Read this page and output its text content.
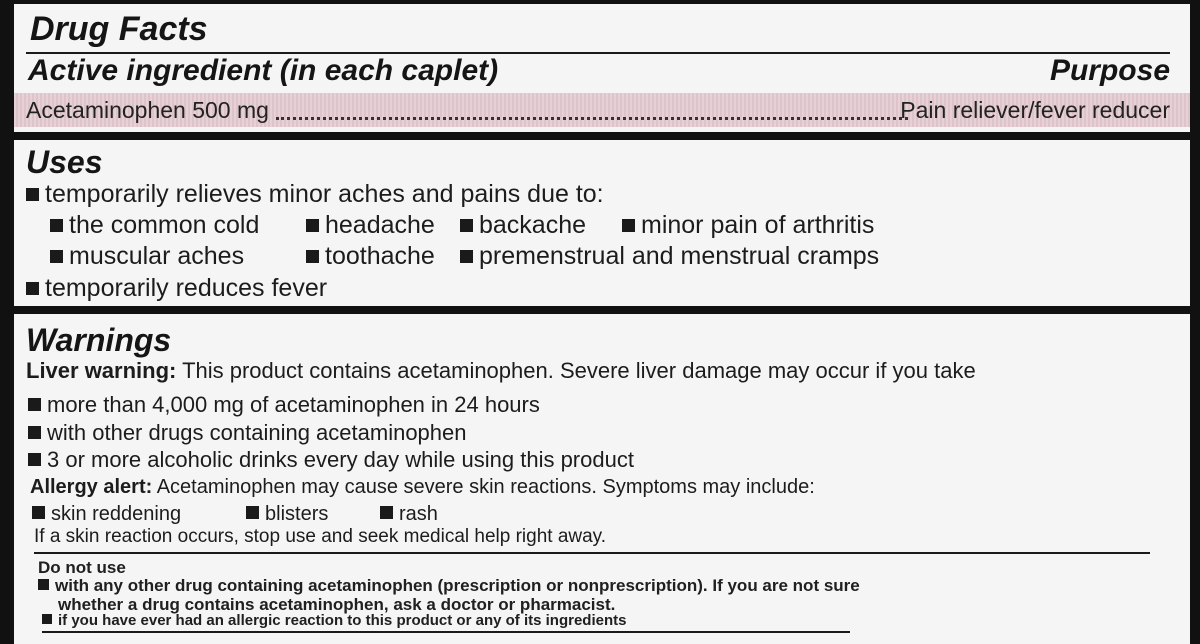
Drug Facts
Active ingredient (in each caplet)	Purpose
Acetaminophen 500 mg	Pain reliever/fever reducer
Uses
temporarily relieves minor aches and pains due to:
the common cold	headache	backache	minor pain of arthritis
muscular aches	toothache	premenstrual and menstrual cramps
temporarily reduces fever
Warnings
Liver warning: This product contains acetaminophen. Severe liver damage may occur if you take
more than 4,000 mg of acetaminophen in 24 hours
with other drugs containing acetaminophen
3 or more alcoholic drinks every day while using this product
Allergy alert: Acetaminophen may cause severe skin reactions. Symptoms may include:
skin reddening	blisters	rash
If a skin reaction occurs, stop use and seek medical help right away.
Do not use
with any other drug containing acetaminophen (prescription or nonprescription). If you are not sure
whether a drug contains acetaminophen, ask a doctor or pharmacist.
if you have ever had an allergic reaction to this product or any of its ingredients
